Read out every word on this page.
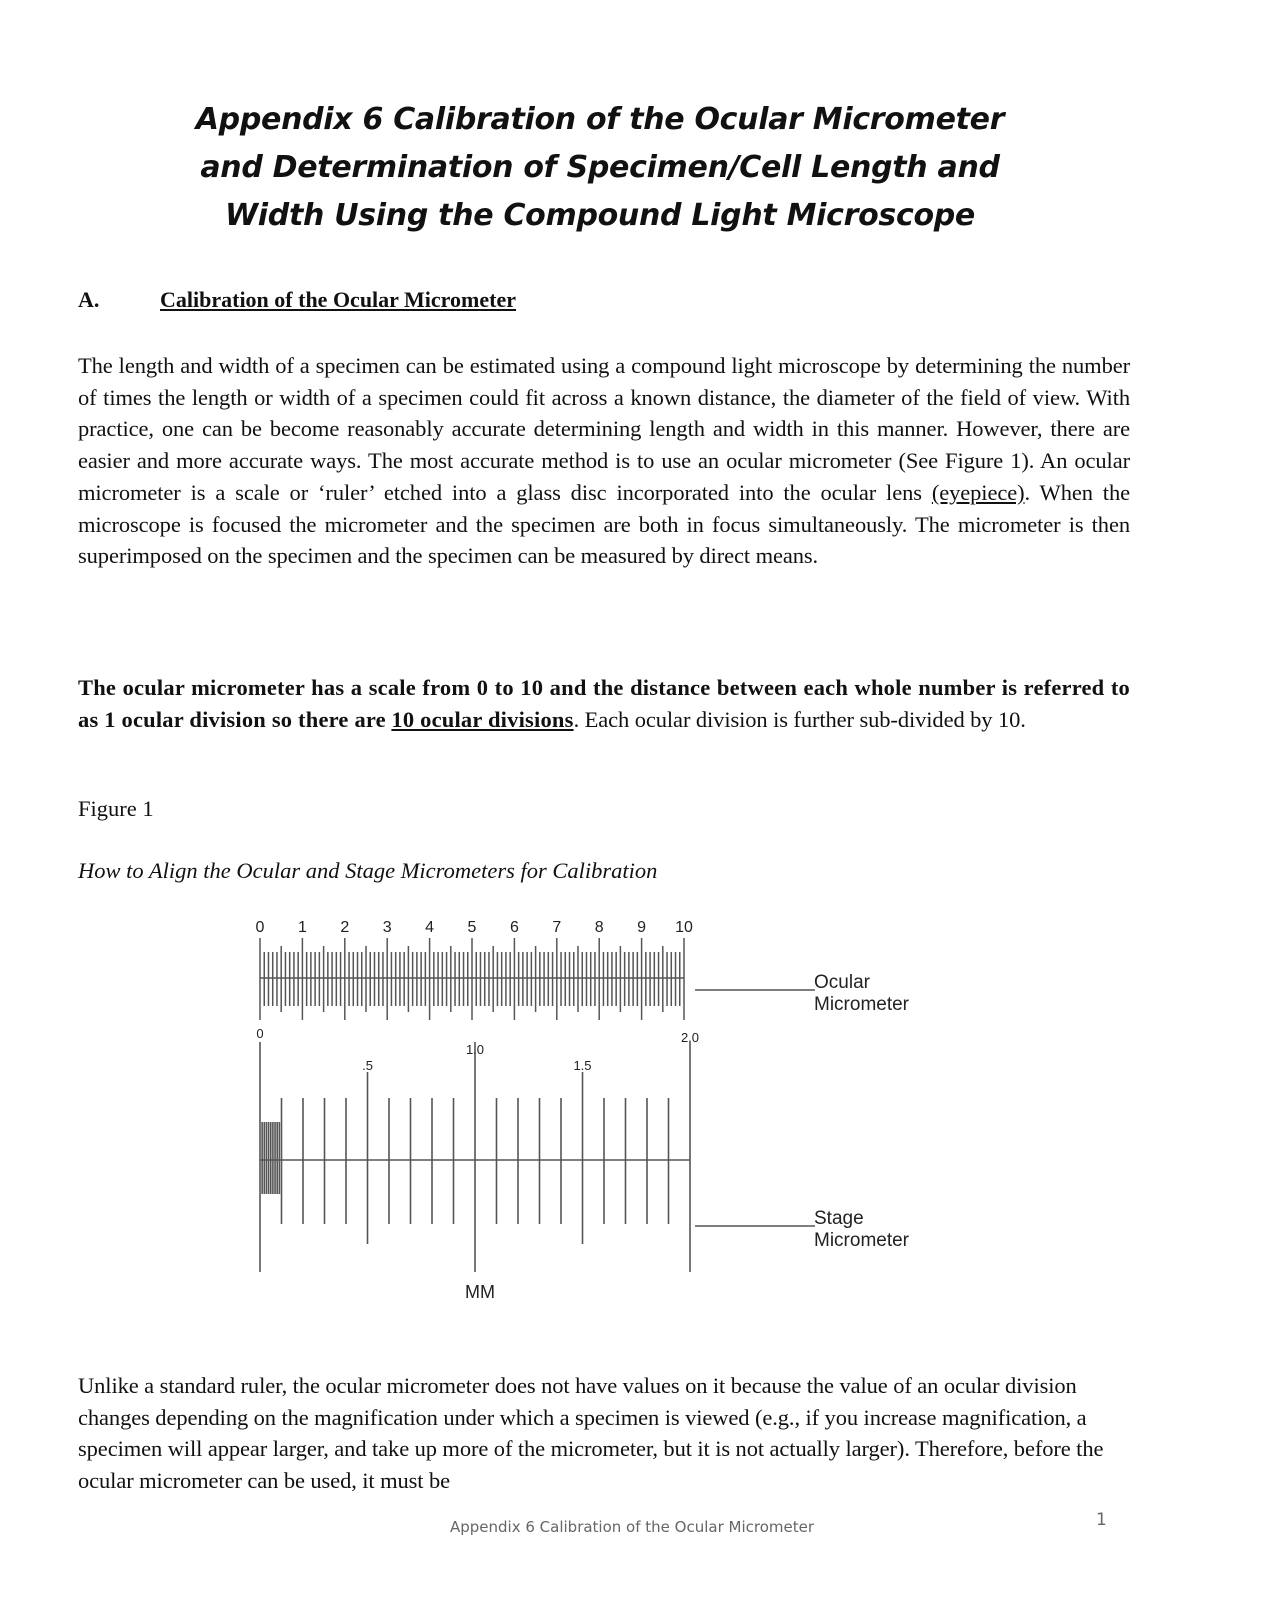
Appendix 6 Calibration of the Ocular Micrometer
and Determination of Specimen/Cell Length and
Width Using the Compound Light Microscope

A.	Calibration of the Ocular Micrometer

The length and width of a specimen can be estimated using a compound light microscope by determining the number of times the length or width of a specimen could fit across a known distance, the diameter of the field of view. With practice, one can be become reasonably accurate determining length and width in this manner. However, there are easier and more accurate ways. The most accurate method is to use an ocular micrometer (See Figure 1). An ocular micrometer is a scale or ‘ruler’ etched into a glass disc incorporated into the ocular lens (eyepiece). When the microscope is focused the micrometer and the specimen are both in focus simultaneously. The micrometer is then superimposed on the specimen and the specimen can be measured by direct means.

The ocular micrometer has a scale from 0 to 10 and the distance between each whole number is referred to as 1 ocular division so there are 10 ocular divisions. Each ocular division is further sub-divided by 10.

Figure 1

How to Align the Ocular and Stage Micrometers for Calibration

0 1 2 3 4 5 6 7 8 9 10
0
.5
1.0
1.5
2.0
Ocular
Micrometer
Stage
Micrometer
MM

Unlike a standard ruler, the ocular micrometer does not have values on it because the value of an ocular division changes depending on the magnification under which a specimen is viewed (e.g., if you increase magnification, a specimen will appear larger, and take up more of the micrometer, but it is not actually larger). Therefore, before the ocular micrometer can be used, it must be

Appendix 6 Calibration of the Ocular Micrometer	1
